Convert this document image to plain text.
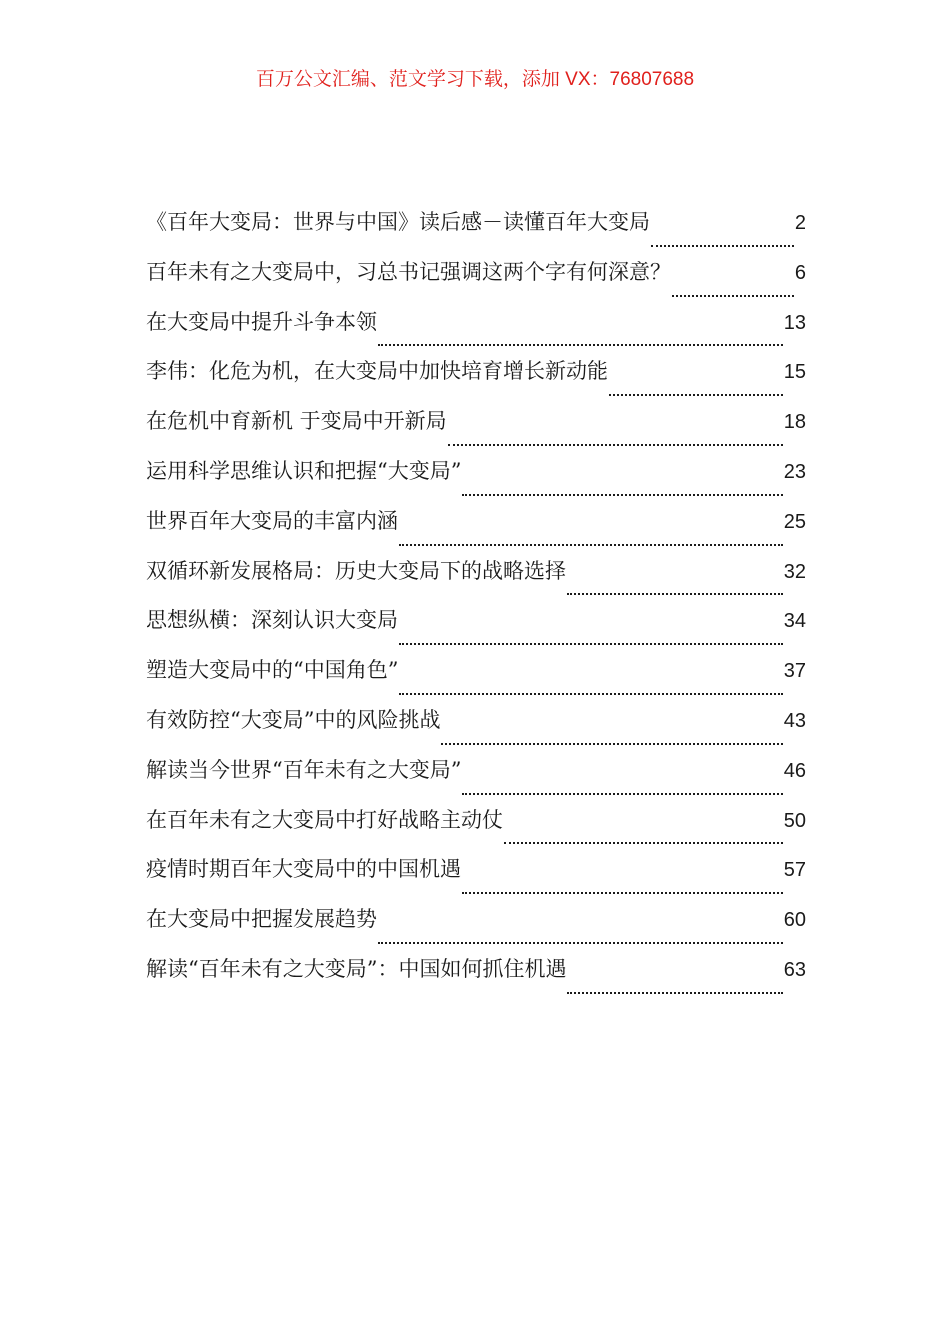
百万公文汇编、范文学习下载，添加 VX：76807688
《百年大变局：世界与中国》读后感－读懂百年大变局	2
百年未有之大变局中，习总书记强调这两个字有何深意？	6
在大变局中提升斗争本领	13
李伟：化危为机，在大变局中加快培育增长新动能	15
在危机中育新机 于变局中开新局	18
运用科学思维认识和把握“大变局”	23
世界百年大变局的丰富内涵	25
双循环新发展格局：历史大变局下的战略选择	32
思想纵横：深刻认识大变局	34
塑造大变局中的“中国角色”	37
有效防控“大变局”中的风险挑战	43
解读当今世界“百年未有之大变局”	46
在百年未有之大变局中打好战略主动仗	50
疫情时期百年大变局中的中国机遇	57
在大变局中把握发展趋势	60
解读“百年未有之大变局”：中国如何抓住机遇	63
